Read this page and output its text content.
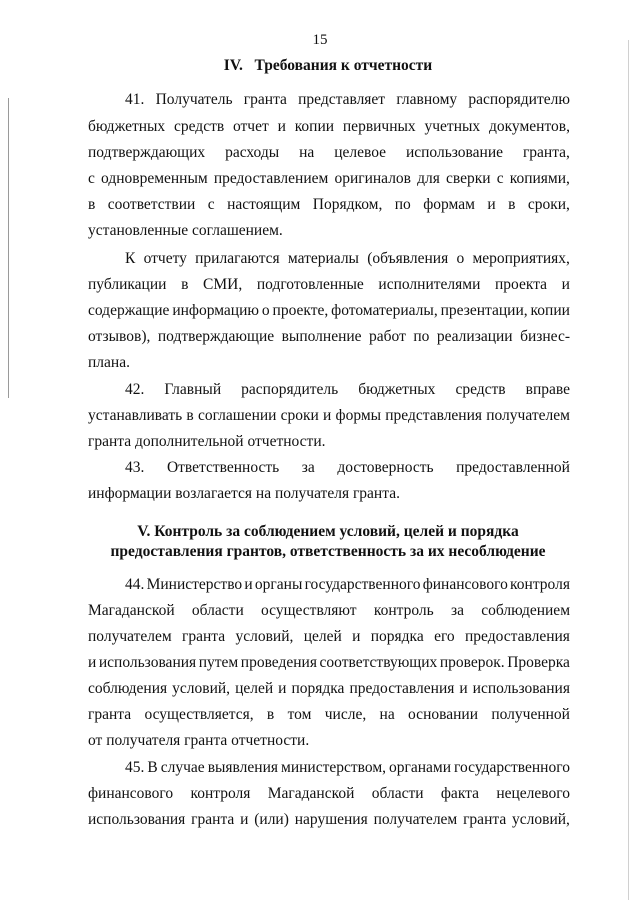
15
IV.   Требования к отчетности
41. Получатель гранта представляет главному распорядителю
бюджетных средств отчет и копии первичных учетных документов,
подтверждающих расходы на целевое использование гранта,
с одновременным предоставлением оригиналов для сверки с копиями,
в соответствии с настоящим Порядком, по формам и в сроки,
установленные соглашением.
К отчету прилагаются материалы (объявления о мероприятиях,
публикации в СМИ, подготовленные исполнителями проекта и
содержащие информацию о проекте, фотоматериалы, презентации, копии
отзывов), подтверждающие выполнение работ по реализации бизнес-
плана.
42. Главный распорядитель бюджетных средств вправе
устанавливать в соглашении сроки и формы представления получателем
гранта дополнительной отчетности.
43. Ответственность за достоверность предоставленной
информации возлагается на получателя гранта.
V. Контроль за соблюдением условий, целей и порядка
предоставления грантов, ответственность за их несоблюдение
44. Министерство и органы государственного финансового контроля
Магаданской области осуществляют контроль за соблюдением
получателем гранта условий, целей и порядка его предоставления
и использования путем проведения соответствующих проверок. Проверка
соблюдения условий, целей и порядка предоставления и использования
гранта осуществляется, в том числе, на основании полученной
от получателя гранта отчетности.
45. В случае выявления министерством, органами государственного
финансового контроля Магаданской области факта нецелевого
использования гранта и (или) нарушения получателем гранта условий,
